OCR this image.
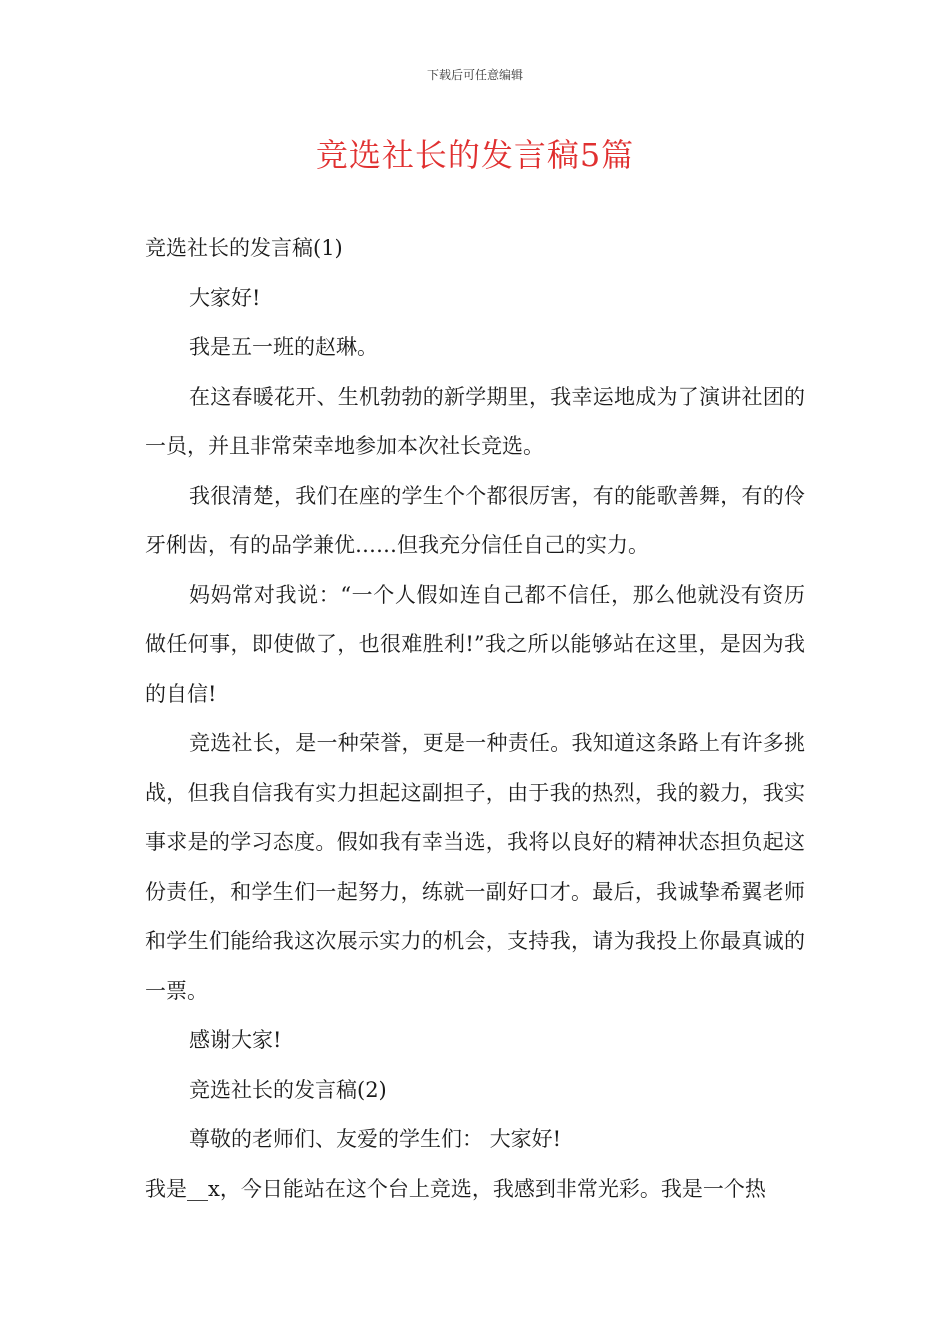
下载后可任意编辑
竞选社长的发言稿5篇

竞选社长的发言稿(1)

大家好!

我是五一班的赵琳。

在这春暖花开、生机勃勃的新学期里，我幸运地成为了演讲社团的一员，并且非常荣幸地参加本次社长竞选。

我很清楚，我们在座的学生个个都很厉害，有的能歌善舞，有的伶牙俐齿，有的品学兼优……但我充分信任自己的实力。

妈妈常对我说：“一个人假如连自己都不信任，那么他就没有资历做任何事，即使做了，也很难胜利!”我之所以能够站在这里，是因为我的自信!

竞选社长，是一种荣誉，更是一种责任。我知道这条路上有许多挑战，但我自信我有实力担起这副担子，由于我的热烈，我的毅力，我实事求是的学习态度。假如我有幸当选，我将以良好的精神状态担负起这份责任，和学生们一起努力，练就一副好口才。最后，我诚挚希翼老师和学生们能给我这次展示实力的机会，支持我，请为我投上你最真诚的一票。

感谢大家!

竞选社长的发言稿(2)

尊敬的老师们、友爱的学生们： 大家好!

我是__x，今日能站在这个台上竞选，我感到非常光彩。我是一个热
